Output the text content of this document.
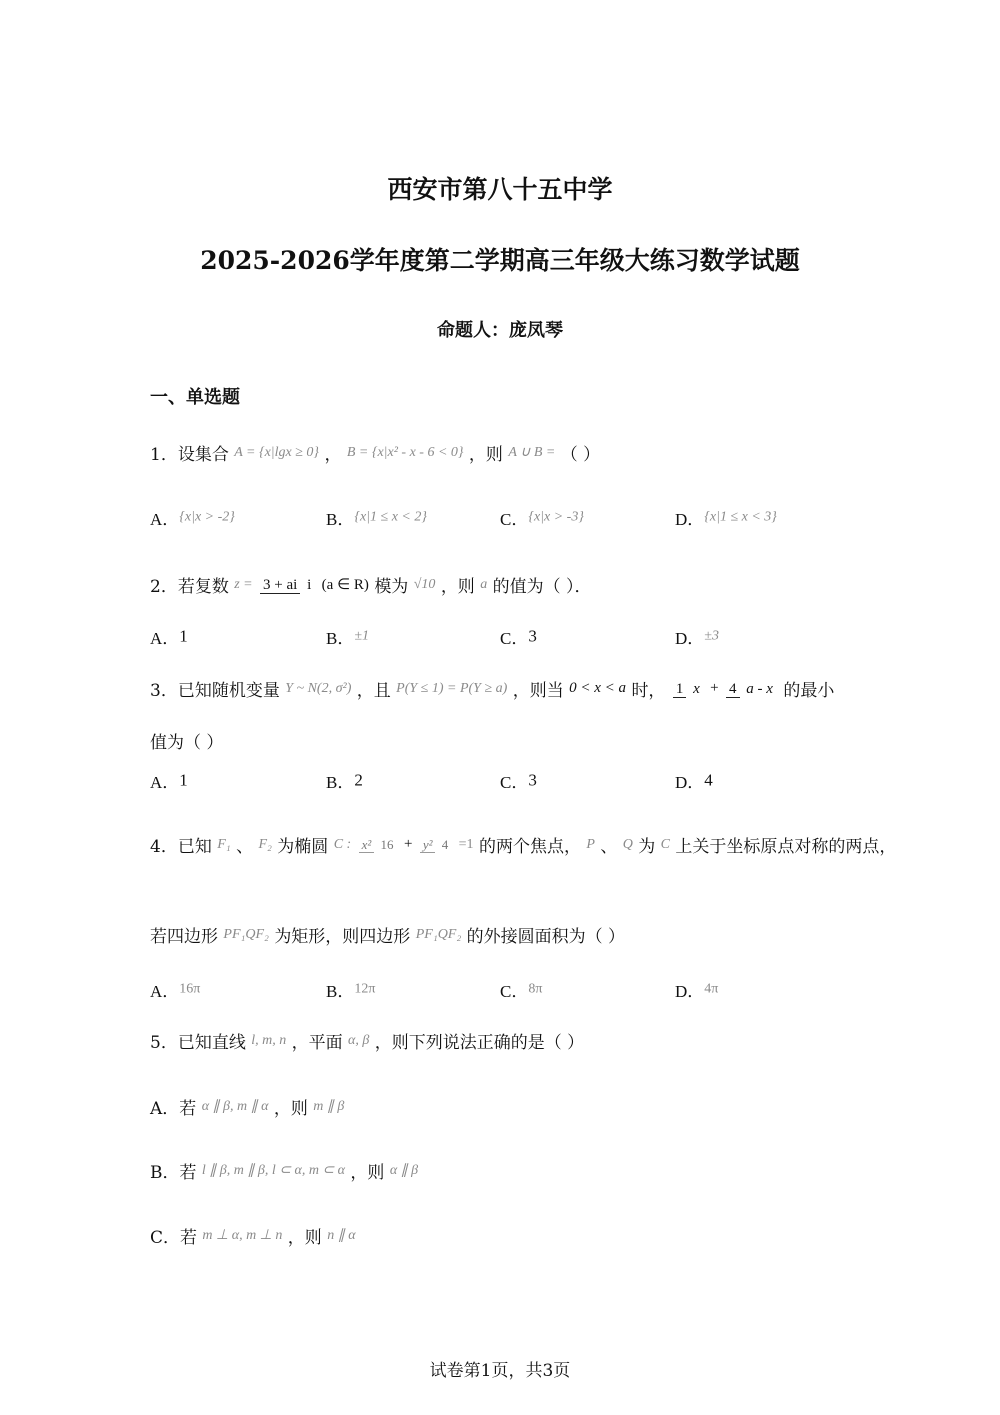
西安市第八十五中学
2025-2026学年度第二学期高三年级大练习数学试题
命题人：庞凤琴
一、单选题
1．设集合 A = {x|lgx ≥ 0} ， B = {x|x² - x - 6 < 0} ，则 A ∪ B = （ ）
A．{x|x > -2}	B．{x|1 ≤ x < 2}	C．{x|x > -3}	D．{x|1 ≤ x < 3}
2．若复数 z = 3 + ai i (a ∈ R) 模为 √10 ，则 a 的值为（ ）．
A．1	B．±1	C．3	D．±3
3．已知随机变量 Y ~ N(2, σ²) ，且 P(Y ≤ 1) = P(Y ≥ a) ，则当 0 < x < a 时， 1 x + 4 a - x 的最小
值为（ ）
A．1	B．2	C．3	D．4
4．已知 F₁ 、 F₂ 为椭圆 C : x² 16 + y² 4 =1 的两个焦点， P 、 Q 为 C 上关于坐标原点对称的两点，
若四边形 PF₁QF₂ 为矩形，则四边形 PF₁QF₂ 的外接圆面积为（ ）
A．16π	B．12π	C．8π	D．4π
5．已知直线 l, m, n ，平面 α, β ，则下列说法正确的是（ ）
A．若 α ∥ β, m ∥ α ，则 m ∥ β
B．若 l ∥ β, m ∥ β, l ⊂ α, m ⊂ α ，则 α ∥ β
C．若 m ⊥ α, m ⊥ n ，则 n ∥ α
试卷第1页，共3页
